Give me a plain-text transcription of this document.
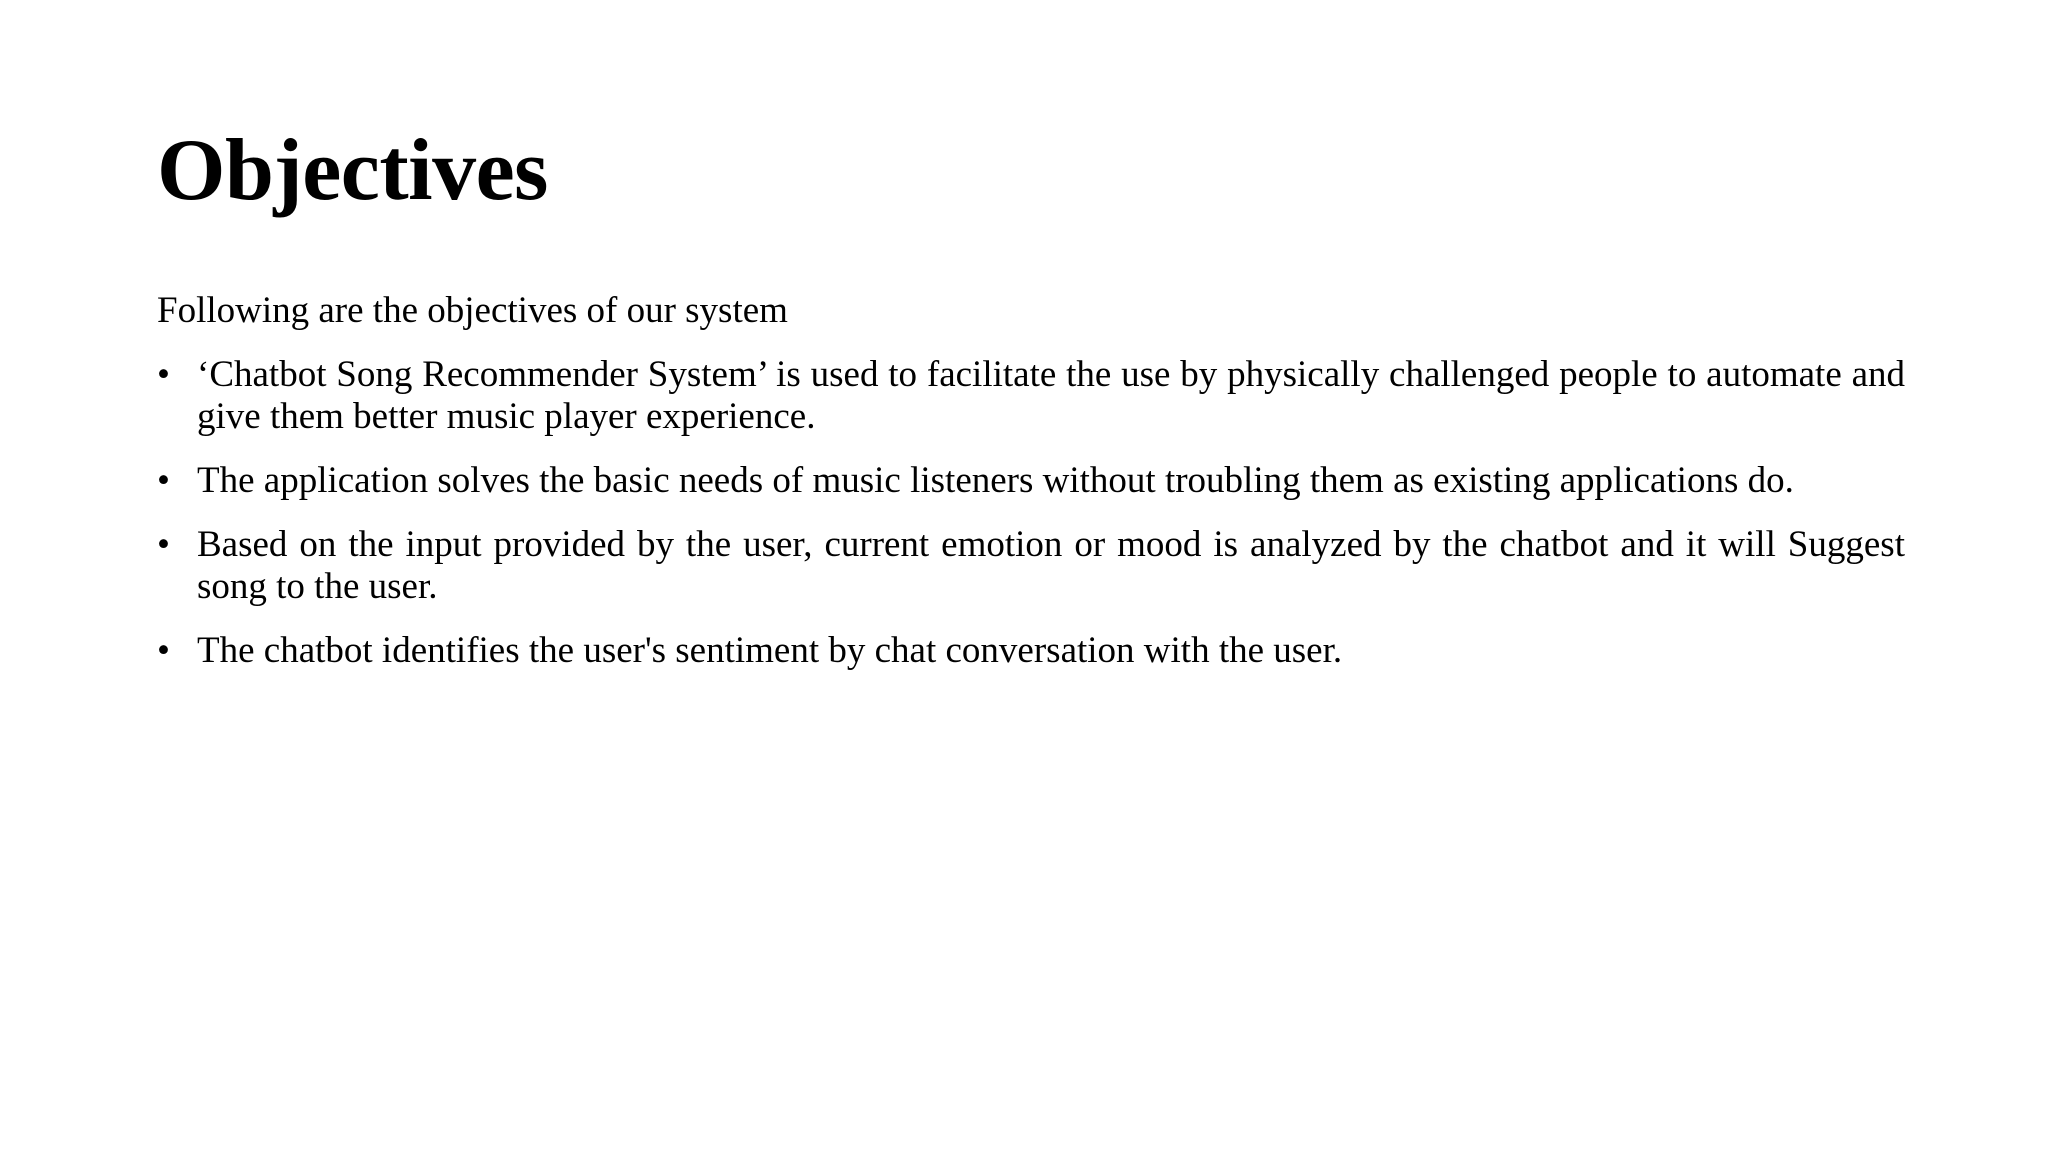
Objectives

Following are the objectives of our system

• ‘Chatbot Song Recommender System’ is used to facilitate the use by physically challenged people to automate and give them better music player experience.
• The application solves the basic needs of music listeners without troubling them as existing applications do.
• Based on the input provided by the user, current emotion or mood is analyzed by the chatbot and it will Suggest song to the user.
• The chatbot identifies the user's sentiment by chat conversation with the user.
